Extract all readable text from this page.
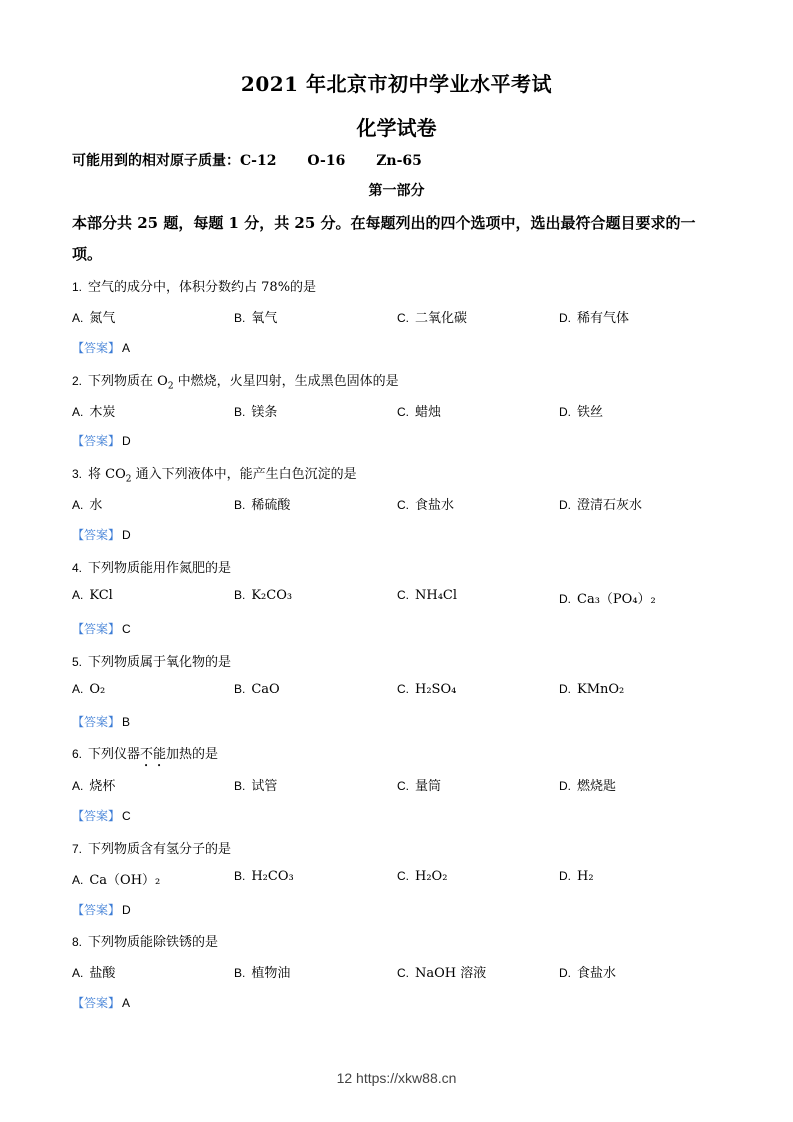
2021 年北京市初中学业水平考试
化学试卷
可能用到的相对原子质量：C-12 O-16 Zn-65
第一部分
本部分共 25 题，每题 1 分，共 25 分。在每题列出的四个选项中，选出最符合题目要求的一项。
1. 空气的成分中，体积分数约占 78%的是
A. 氮气	B. 氧气	C. 二氧化碳	D. 稀有气体
【答案】 A
2. 下列物质在 $O_2$ 中燃烧，火星四射，生成黑色固体的是
A. 木炭	B. 镁条	C. 蜡烛	D. 铁丝
【答案】 D
3. 将 $CO_2$ 通入下列液体中，能产生白色沉淀的是
A. 水	B. 稀硫酸	C. 食盐水	D. 澄清石灰水
【答案】 D
4. 下列物质能用作氮肥的是
A. KCl	B. K₂CO₃	C. NH₄Cl	D. Ca₃（PO₄）₂
【答案】 C
5. 下列物质属于氧化物的是
A. O₂	B. CaO	C. H₂SO₄	D. KMnO₂
【答案】 B
6. 下列仪器不能加热的是
A. 烧杯	B. 试管	C. 量筒	D. 燃烧匙
【答案】 C
7. 下列物质含有氢分子的是
A. Ca（OH）₂	B. H₂CO₃	C. H₂O₂	D. H₂
【答案】 D
8. 下列物质能除铁锈的是
A. 盐酸	B. 植物油	C. NaOH 溶液	D. 食盐水
【答案】 A
12 https://xkw88.cn
